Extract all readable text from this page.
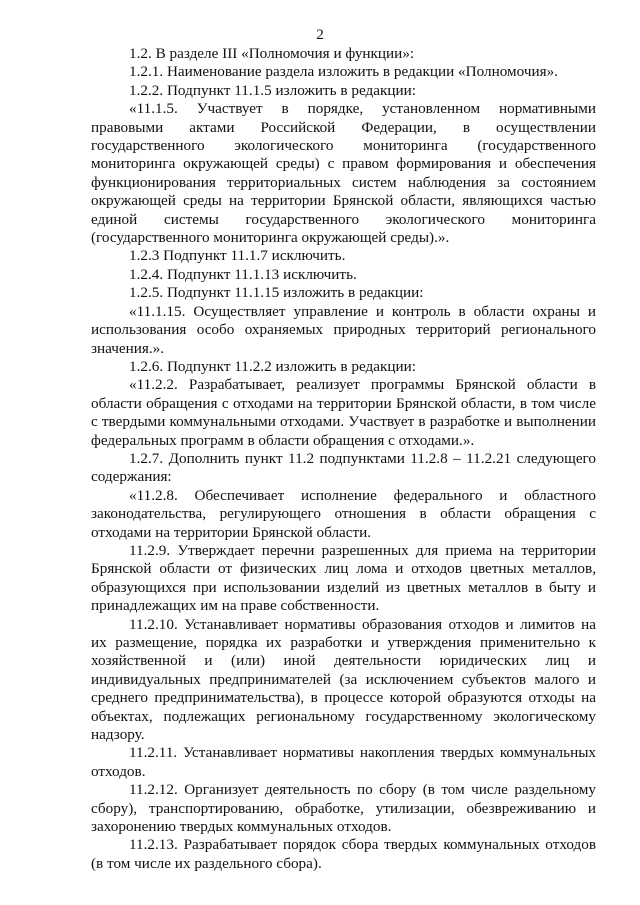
2

1.2. В разделе III «Полномочия и функции»:

1.2.1. Наименование раздела изложить в редакции «Полномочия».

1.2.2. Подпункт 11.1.5 изложить в редакции:

«11.1.5. Участвует в порядке, установленном нормативными правовыми актами Российской Федерации, в осуществлении государственного экологического мониторинга (государственного мониторинга окружающей среды) с правом формирования и обеспечения функционирования территориальных систем наблюдения за состоянием окружающей среды на территории Брянской области, являющихся частью единой системы государственного экологического мониторинга (государственного мониторинга окружающей среды).».

1.2.3 Подпункт 11.1.7 исключить.

1.2.4. Подпункт 11.1.13 исключить.

1.2.5. Подпункт 11.1.15 изложить в редакции:

«11.1.15. Осуществляет управление и контроль в области охраны и использования особо охраняемых природных территорий регионального значения.».

1.2.6. Подпункт 11.2.2 изложить в редакции:

«11.2.2. Разрабатывает, реализует программы Брянской области в области обращения с отходами на территории Брянской области, в том числе с твердыми коммунальными отходами. Участвует в разработке и выполнении федеральных программ в области обращения с отходами.».

1.2.7. Дополнить пункт 11.2 подпунктами 11.2.8 – 11.2.21 следующего содержания:

«11.2.8. Обеспечивает исполнение федерального и областного законодательства, регулирующего отношения в области обращения с отходами на территории Брянской области.

11.2.9. Утверждает перечни разрешенных для приема на территории Брянской области от физических лиц лома и отходов цветных металлов, образующихся при использовании изделий из цветных металлов в быту и принадлежащих им на праве собственности.

11.2.10. Устанавливает нормативы образования отходов и лимитов на их размещение, порядка их разработки и утверждения применительно к хозяйственной и (или) иной деятельности юридических лиц и индивидуальных предпринимателей (за исключением субъектов малого и среднего предпринимательства), в процессе которой образуются отходы на объектах, подлежащих региональному государственному экологическому надзору.

11.2.11. Устанавливает нормативы накопления твердых коммунальных отходов.

11.2.12. Организует деятельность по сбору (в том числе раздельному сбору), транспортированию, обработке, утилизации, обезвреживанию и захоронению твердых коммунальных отходов.

11.2.13. Разрабатывает порядок сбора твердых коммунальных отходов (в том числе их раздельного сбора).
